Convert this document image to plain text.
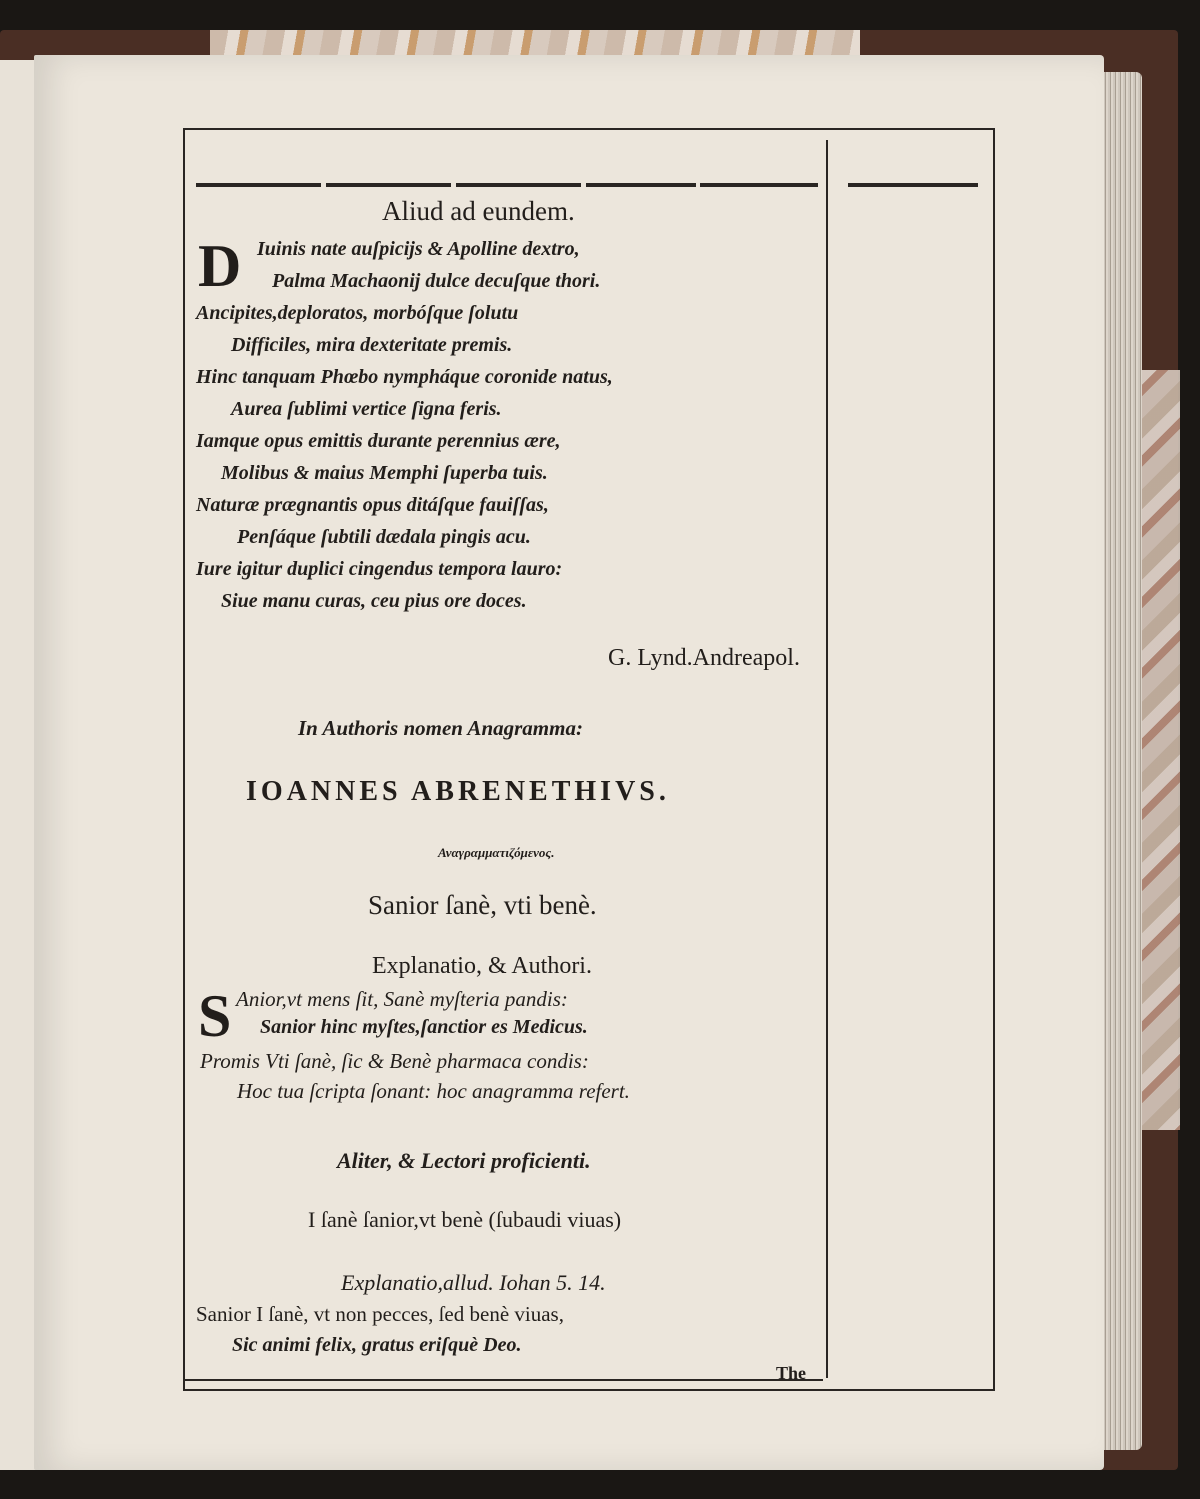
Aliud ad eundem.
D Iuinis nate auſpicijs & Apolline dextro,
Palma Machaonij dulce decuſque thori.
Ancipites,deploratos, morbóſque ſolutu
Difficiles, mira dexteritate premis.
Hinc tanquam Phœbo nympháque coronide natus,
Aurea ſublimi vertice ſigna feris.
Iamque opus emittis durante perennius ære,
Molibus & maius Memphi ſuperba tuis.
Naturæ prægnantis opus ditáſque fauiſſas,
Penſáque ſubtili dædala pingis acu.
Iure igitur duplici cingendus tempora lauro:
Siue manu curas, ceu pius ore doces.
G. Lynd.Andreapol.
In Authoris nomen Anagramma:
IOANNES ABRENETHIVS.
Αναγραμματιζόμενος.
Sanior ſanè, vti benè.
Explanatio, & Authori.
S Anior,vt mens ſit, Sanè myſteria pandis:
Sanior hinc myſtes,ſanctior es Medicus.
Promis Vti ſanè, ſic & Benè pharmaca condis:
Hoc tua ſcripta ſonant: hoc anagramma refert.
Aliter, & Lectori proficienti.
I ſanè ſanior,vt benè (ſubaudi viuas)
Explanatio,allud. Iohan 5. 14.
Sanior I ſanè, vt non pecces, ſed benè viuas,
Sic animi felix, gratus eriſquè Deo.
The
